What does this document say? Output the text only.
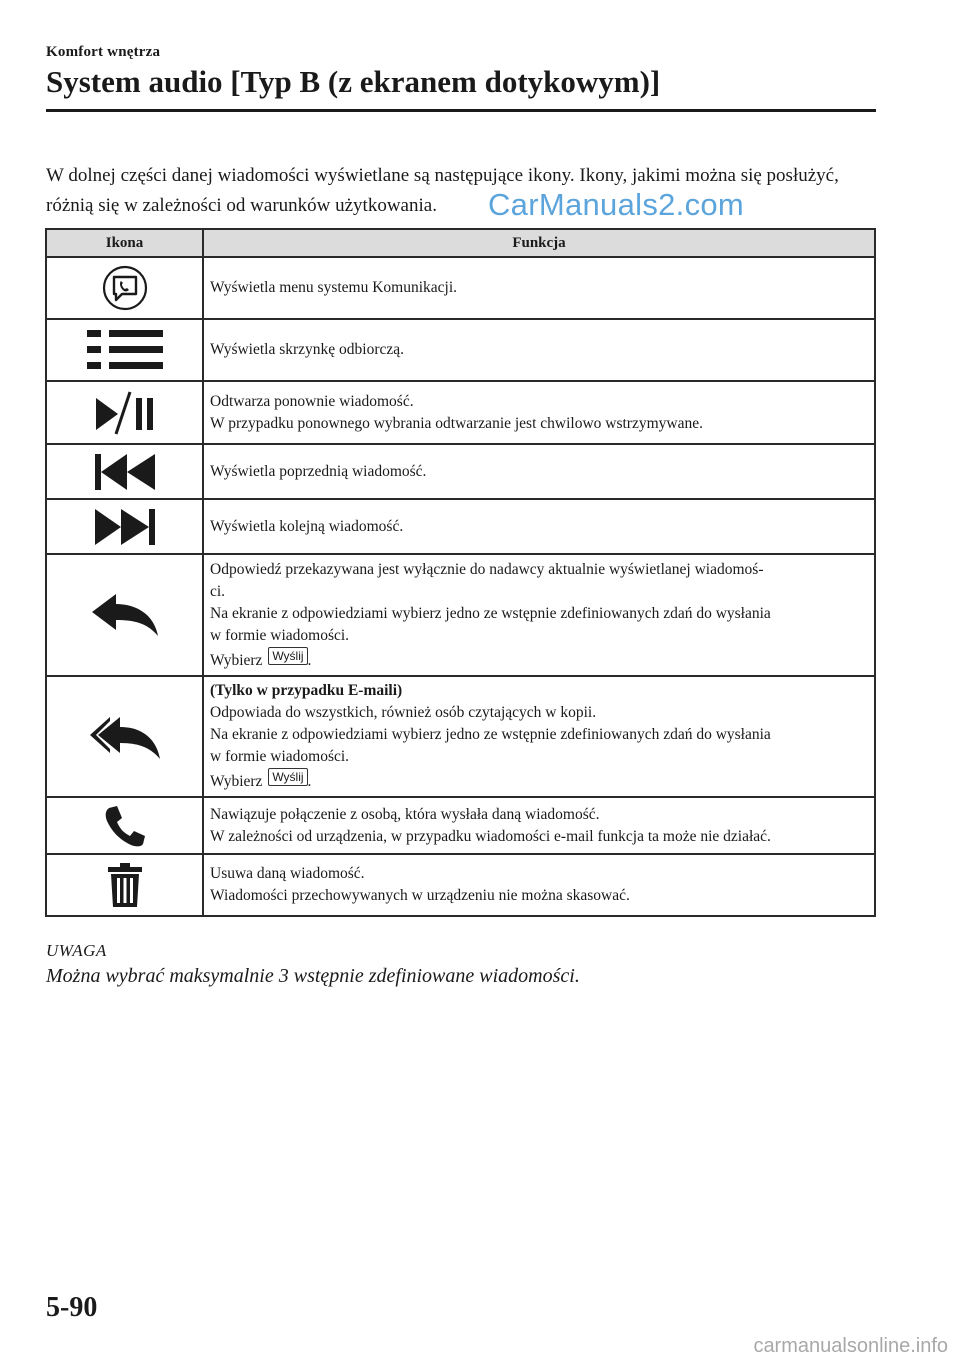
Komfort wnętrza
System audio [Typ B (z ekranem dotykowym)]

W dolnej części danej wiadomości wyświetlane są następujące ikony. Ikony, jakimi można się posłużyć, różnią się w zależności od warunków użytkowania.	CarManuals2.com
Ikona	Funkcja

Wyświetla menu systemu Komunikacji.

Wyświetla skrzynkę odbiorczą.

Odtwarza ponownie wiadomość.
W przypadku ponownego wybrania odtwarzanie jest chwilowo wstrzymywane.

Wyświetla poprzednią wiadomość.

Wyświetla kolejną wiadomość.

Odpowiedź przekazywana jest wyłącznie do nadawcy aktualnie wyświetlanej wiadomoś-
ci.
Na ekranie z odpowiedziami wybierz jedno ze wstępnie zdefiniowanych zdań do wysłania
w formie wiadomości.
Wybierz Wyślij .

(Tylko w przypadku E-maili)
Odpowiada do wszystkich, również osób czytających w kopii.
Na ekranie z odpowiedziami wybierz jedno ze wstępnie zdefiniowanych zdań do wysłania
w formie wiadomości.
Wybierz Wyślij .

Nawiązuje połączenie z osobą, która wysłała daną wiadomość.
W zależności od urządzenia, w przypadku wiadomości e-mail funkcja ta może nie działać.

Usuwa daną wiadomość.
Wiadomości przechowywanych w urządzeniu nie można skasować.
UWAGA
Można wybrać maksymalnie 3 wstępnie zdefiniowane wiadomości.
5-90
carmanualsonline.info
